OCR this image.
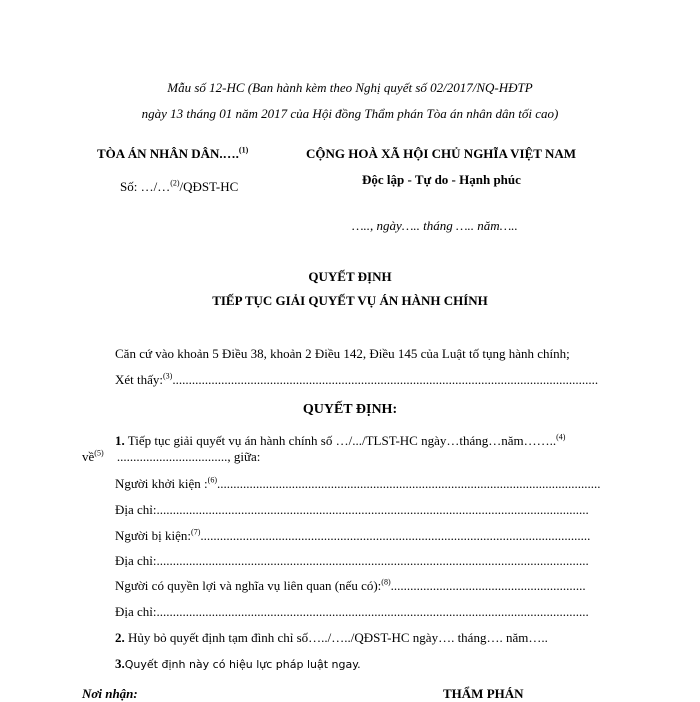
Mẫu số 12-HC (Ban hành kèm theo Nghị quyết số 02/2017/NQ-HĐTP
ngày 13 tháng 01 năm 2017 của Hội đồng Thẩm phán Tòa án nhân dân tối cao)
TÒA ÁN NHÂN DÂN.….$^{(1)}$
Số: …/…$^{(2)}$/QĐST-HC
CỘNG HOÀ XÃ HỘI CHỦ NGHĨA VIỆT NAM
Độc lập - Tự do - Hạnh phúc
….., ngày….. tháng ….. năm…..
QUYẾT ĐỊNH
TIẾP TỤC GIẢI QUYẾT VỤ ÁN HÀNH CHÍNH
Căn cứ vào khoản 5 Điều 38, khoản 2 Điều 142, Điều 145 của Luật tố tụng hành chính;
Xét thấy:$^{(3)}$...................................................................................................................................
QUYẾT ĐỊNH:
1. Tiếp tục giải quyết vụ án hành chính số …/.../TLST-HC ngày…tháng…năm……..$^{(4)}$
về$^{(5)}$ .................................., giữa:
Người khởi kiện :$^{(6)}$......................................................................................................................
Địa chỉ:.....................................................................................................................................
Người bị kiện:$^{(7)}$........................................................................................................................
Địa chỉ:.....................................................................................................................................
Người có quyền lợi và nghĩa vụ liên quan (nếu có):$^{(8)}$............................................................
Địa chỉ:.....................................................................................................................................
2. Hủy bỏ quyết định tạm đình chỉ số…../…../QĐST-HC ngày…. tháng…. năm…..
3.Quyết định này có hiệu lực pháp luật ngay.
Nơi nhận:	THẨM PHÁN
